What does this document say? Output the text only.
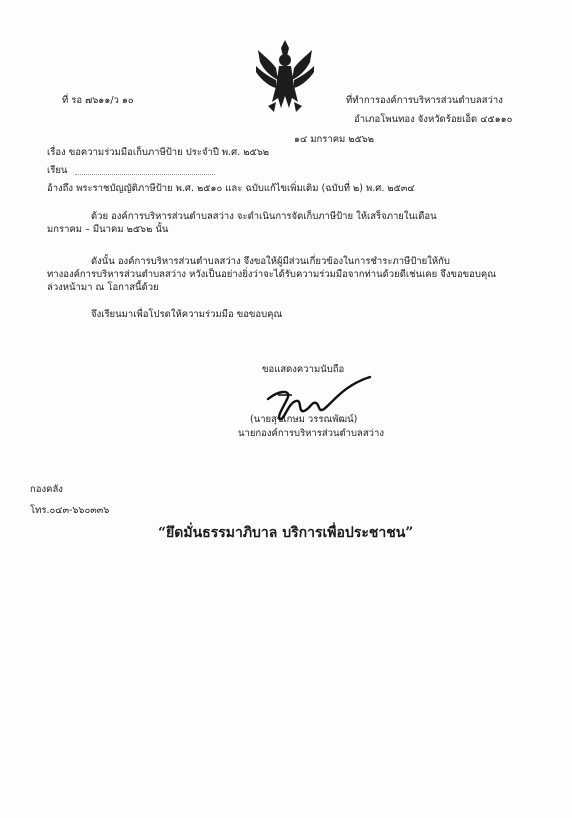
ที่ รอ ๗๖๑๑/ว ๑๐	ที่ทำการองค์การบริหารส่วนตำบลสว่าง
อำเภอโพนทอง จังหวัดร้อยเอ็ด ๔๕๑๑๐
๑๔ มกราคม ๒๕๖๒
เรื่อง ขอความร่วมมือเก็บภาษีป้าย ประจำปี พ.ศ. ๒๕๖๒
เรียน
อ้างถึง พระราชบัญญัติภาษีป้าย พ.ศ. ๒๕๑๐ และ ฉบับแก้ไขเพิ่มเติม (ฉบับที่ ๒) พ.ศ. ๒๕๓๔
ด้วย องค์การบริหารส่วนตำบลสว่าง จะดำเนินการจัดเก็บภาษีป้าย ให้เสร็จภายในเดือน
มกราคม – มีนาคม ๒๕๖๒ นั้น
ดังนั้น องค์การบริหารส่วนตำบลสว่าง จึงขอให้ผู้มีส่วนเกี่ยวข้องในการชำระภาษีป้ายให้กับ
ทางองค์การบริหารส่วนตำบลสว่าง หวังเป็นอย่างยิ่งว่าจะได้รับความร่วมมือจากท่านด้วยดีเช่นเคย จึงขอขอบคุณ
ล่วงหน้ามา ณ โอกาสนี้ด้วย
จึงเรียนมาเพื่อโปรดให้ความร่วมมือ ขอขอบคุณ
ขอแสดงความนับถือ
(นายสุขเกษม วรรณพัฒน์)
นายกองค์การบริหารส่วนตำบลสว่าง
กองคลัง
โทร.๐๔๓-๖๖๐๓๓๖
“ยึดมั่นธรรมาภิบาล บริการเพื่อประชาชน”
